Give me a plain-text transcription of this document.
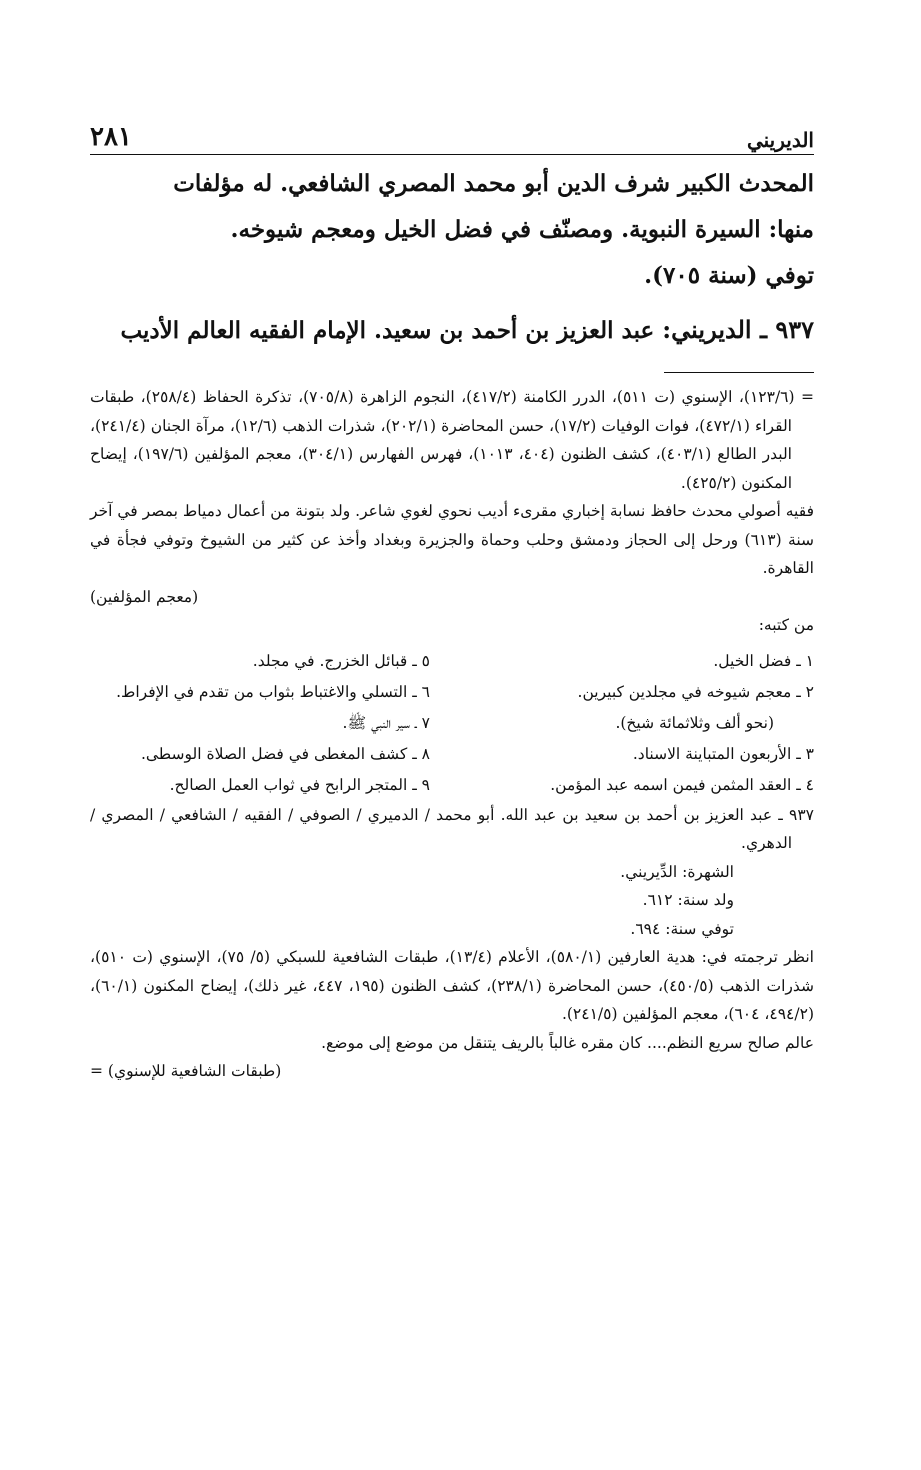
الديريني
٢٨١

المحدث الكبير شرف الدين أبو محمد المصري الشافعي. له مؤلفات

منها: السيرة النبوية. ومصنّف في فضل الخيل ومعجم شيوخه.

توفي (سنة ٧٠٥).

٩٣٧ ـ الديريني: عبد العزيز بن أحمد بن سعيد. الإمام الفقيه العالم الأديب

= (١٢٣/٦)، الإسنوي (ت ٥١١)، الدرر الكامنة (٤١٧/٢)، النجوم الزاهرة (٧٠٥/٨)، تذكرة الحفاظ (٢٥٨/٤)، طبقات القراء (٤٧٢/١)، فوات الوفيات (١٧/٢)، حسن المحاضرة (٢٠٢/١)، شذرات الذهب (١٢/٦)، مرآة الجنان (٢٤١/٤)، البدر الطالع (٤٠٣/١)، كشف الظنون (٤٠٤، ١٠١٣)، فهرس الفهارس (٣٠٤/١)، معجم المؤلفين (١٩٧/٦)، إيضاح المكنون (٤٢٥/٢).

فقيه أصولي محدث حافظ نسابة إخباري مقرىء أديب نحوي لغوي شاعر. ولد بتونة من أعمال دمياط بمصر في آخر سنة (٦١٣) ورحل إلى الحجاز ودمشق وحلب وحماة والجزيرة وبغداد وأخذ عن كثير من الشيوخ وتوفي فجأة في القاهرة.

(معجم المؤلفين)

من كتبه:

١ ـ فضل الخيل.

٢ ـ معجم شيوخه في مجلدين كبيرين.

(نحو ألف وثلاثمائة شيخ).

٣ ـ الأربعون المتباينة الاسناد.

٤ ـ العقد المثمن فيمن اسمه عبد المؤمن.

٥ ـ قبائل الخزرج. في مجلد.

٦ ـ التسلي والاغتباط بثواب من تقدم في الإفراط.

٧ ـ سير النبي ﷺ.

٨ ـ كشف المغطى في فضل الصلاة الوسطى.

٩ ـ المتجر الرابح في ثواب العمل الصالح.

٩٣٧ ـ عبد العزيز بن أحمد بن سعيد بن عبد الله. أبو محمد / الدميري / الصوفي / الفقيه / الشافعي / المصري / الدهري.

الشهرة: الدِّيريني.

ولد سنة: ٦١٢.

توفي سنة: ٦٩٤.

انظر ترجمته في: هدية العارفين (٥٨٠/١)، الأعلام (١٣/٤)، طبقات الشافعية للسبكي (٥/ ٧٥)، الإسنوي (ت ٥١٠)، شذرات الذهب (٤٥٠/٥)، حسن المحاضرة (٢٣٨/١)، كشف الظنون (١٩٥، ٤٤٧، غير ذلك)، إيضاح المكنون (٦٠/١)، (٤٩٤/٢، ٦٠٤)، معجم المؤلفين (٢٤١/٥).

عالم صالح سريع النظم.... كان مقره غالباً بالريف يتنقل من موضع إلى موضع.

(طبقات الشافعية للإسنوي) =
